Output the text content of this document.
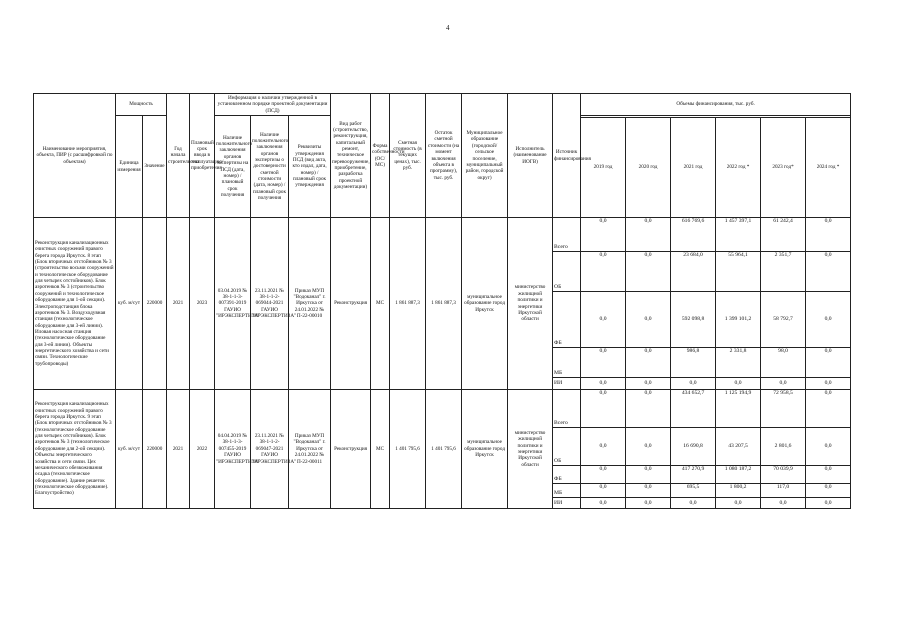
4
Наименование мероприятия, объекта, ПИР (с расшифровкой по объектам)	Мощность		Год начала строительства	Плановый срок ввода в эксплуатацию/приобретения	Информация о наличии утвержденной в установленном порядке проектной документации (ПСД)			Вид работ (строительство, реконструкция, капитальный ремонт, техническое перевооружение, приобретение, разработка проектной документации)	Форма собственности (ОС/МС)	Сметная стоимость (в текущих ценах), тыс. руб.	Остаток сметной стоимости (на момент включения объекта в программу), тыс. руб.	Муниципальное образование (городской/сельское поселение, муниципальный район, городской округ)	Исполнитель (наименование ИОГВ)	Источник финансирования	Объемы финансирования, тыс. руб.					
	Единица измерения	Значение			Наличие положительного заключения органов экспертизы на ПСД (дата, номер) / плановый срок получения	Наличие положительного заключения органов экспертизы о достоверности сметной стоимости (дата, номер) / плановый срок получения	Реквизиты утверждения ПСД (вид акта, кто издал, дата, номер) / плановый срок утверждения													
															2019 год	2020 год	2021 год	2022 год *	2023 год*	2024 год *
Реконструкция канализационных очистных сооружений правого берега города Иркутск. 8 этап (Блок вторичных отстойников № 3 (строительство восьми сооружений и технологическое оборудование для четырех отстойников). Блок аэротенков № 3 (строительство сооружений и технологическое оборудование для 1-ой секции). Электроподстанция блока аэротенков № 3. Воздуходувная станция (технологическое оборудование для 3-ей линии). Иловая насосная станция (технологическое оборудование для 3-ей линии). Объекты энергетического хозяйства и сети связи. Технологические трубопроводы)	куб. м/сут	220000	2021	2023	03.04.2019 № 38-1-1-3-007391-2019 ГАУИО "ИРЭКСПЕРТИЗА"	23.11.2021 № 38-1-1-2-069044-2021 ГАУИО "ИРЭКСПЕРТИЗА"	Приказ МУП "Водоканал" г. Иркутска от 24.01.2022 № П-22-00010	Реконструкция	МС	1 861 887,3	1 861 887,3	муниципальное образование город Иркутск	министерство жилищной политики и энергетики Иркутской области	Всего	0,0	0,0	616 769,6	1 457 397,1	61 242,4	0,0
														ОБ	0,0	0,0	23 684,0	55 964,1	2 351,7	0,0
														ФБ	0,0	0,0	592 098,8	1 399 101,2	58 792,7	0,0
														МБ	0,0	0,0	986,8	2 331,8	98,0	0,0
														ИИ	0,0	0,0	0,0	0,0	0,0	0,0
Реконструкция канализационных очистных сооружений правого берега города Иркутск. 9 этап (Блок вторичных отстойников № 3 (технологическое оборудование для четырех отстойников). Блок аэротенков № 3 (технологическое оборудование для 2-ой секции). Объекты энергетического хозяйства и сети связи. Цех механического обезвоживания осадка (технологическое оборудование). Здание решеток (технологическое оборудование). Благоустройство)	куб. м/сут	220000	2021	2022	04.04.2019 № 38-1-1-3-007455-2019 ГАУИО "ИРЭКСПЕРТИЗА"	23.11.2021 № 38-1-1-2-069047-2021 ГАУИО "ИРЭКСПЕРТИЗА"	Приказ МУП "Водоканал" г. Иркутска от 24.01.2022 № П-22-00011	Реконструкция	МС	1 401 795,6	1 401 795,6	муниципальное образование город Иркутск	министерство жилищной политики и энергетики Иркутской области	Всего	0,0	0,0	434 652,7	1 125 194,9	72 958,5	0,0
														ОБ	0,0	0,0	16 690,8	43 207,5	2 801,6	0,0
														ФБ	0,0	0,0	417 270,9	1 080 187,2	70 039,9	0,0
														МБ	0,0	0,0	695,5	1 800,2	117,0	0,0
														ИИ	0,0	0,0	0,0	0,0	0,0	0,0
